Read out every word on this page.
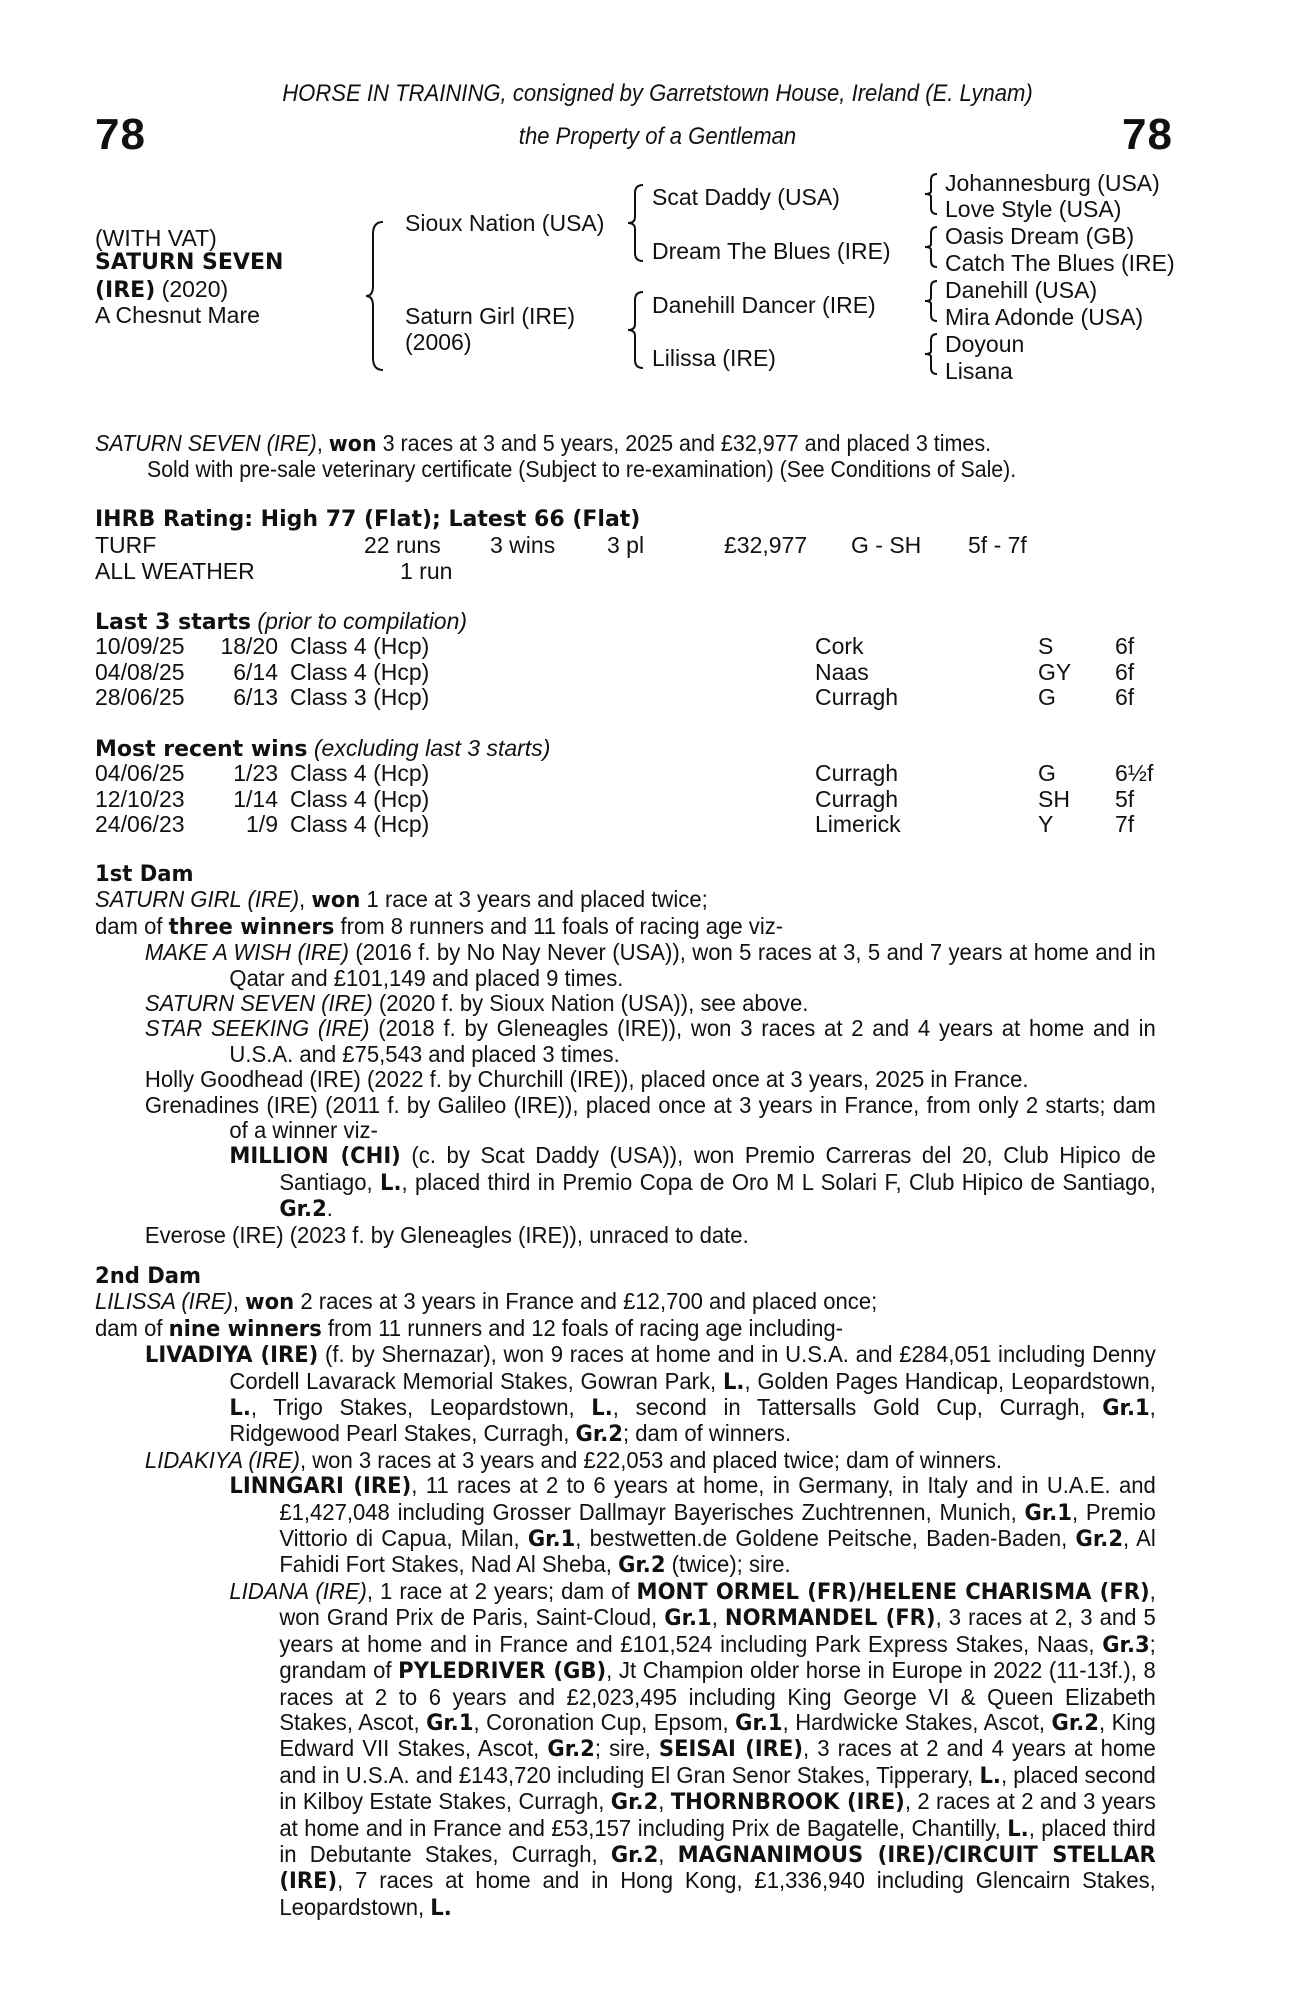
78	78
HORSE IN TRAINING, consigned by Garretstown House, Ireland (E. Lynam)
the Property of a Gentleman
(WITH VAT)
SATURN SEVEN
(IRE) (2020)
A Chesnut Mare
Sioux Nation (USA)
Saturn Girl (IRE)
(2006)
Scat Daddy (USA)
Dream The Blues (IRE)
Danehill Dancer (IRE)
Lilissa (IRE)
Johannesburg (USA)
Love Style (USA)
Oasis Dream (GB)
Catch The Blues (IRE)
Danehill (USA)
Mira Adonde (USA)
Doyoun
Lisana
SATURN SEVEN (IRE), won 3 races at 3 and 5 years, 2025 and £32,977 and placed 3 times.
Sold with pre-sale veterinary certificate (Subject to re-examination) (See Conditions of Sale).
IHRB Rating: High 77 (Flat); Latest 66 (Flat)
TURF	22 runs 3 wins 3 pl	£32,977 G - SH 5f - 7f
ALL WEATHER	1 run
Last 3 starts (prior to compilation)
10/09/25	18/20 Class 4 (Hcp)	Cork	S	6f
04/08/25	6/14 Class 4 (Hcp)	Naas	GY 6f
28/06/25	6/13 Class 3 (Hcp)	Curragh	G	6f
Most recent wins (excluding last 3 starts)
04/06/25	1/23 Class 4 (Hcp)	Curragh	G	6½f
12/10/23	1/14 Class 4 (Hcp)	Curragh	SH 5f
24/06/23	1/9 Class 4 (Hcp)	Limerick	Y	7f

1st Dam

SATURN GIRL (IRE), won 1 race at 3 years and placed twice;

dam of three winners from 8 runners and 11 foals of racing age viz-

MAKE A WISH (IRE) (2016 f. by No Nay Never (USA)), won 5 races at 3, 5 and 7 years at home and in Qatar and £101,149 and placed 9 times.

SATURN SEVEN (IRE) (2020 f. by Sioux Nation (USA)), see above.

STAR SEEKING (IRE) (2018 f. by Gleneagles (IRE)), won 3 races at 2 and 4 years at home and in U.S.A. and £75,543 and placed 3 times.

Holly Goodhead (IRE) (2022 f. by Churchill (IRE)), placed once at 3 years, 2025 in France.

Grenadines (IRE) (2011 f. by Galileo (IRE)), placed once at 3 years in France, from only 2 starts; dam of a winner viz-

MILLION (CHI) (c. by Scat Daddy (USA)), won Premio Carreras del 20, Club Hipico de Santiago, L., placed third in Premio Copa de Oro M L Solari F, Club Hipico de Santiago, Gr.2.

Everose (IRE) (2023 f. by Gleneagles (IRE)), unraced to date.

2nd Dam

LILISSA (IRE), won 2 races at 3 years in France and £12,700 and placed once;

dam of nine winners from 11 runners and 12 foals of racing age including-

LIVADIYA (IRE) (f. by Shernazar), won 9 races at home and in U.S.A. and £284,051 including Denny Cordell Lavarack Memorial Stakes, Gowran Park, L., Golden Pages Handicap, Leopardstown, L., Trigo Stakes, Leopardstown, L., second in Tattersalls Gold Cup, Curragh, Gr.1, Ridgewood Pearl Stakes, Curragh, Gr.2; dam of winners.

LIDAKIYA (IRE), won 3 races at 3 years and £22,053 and placed twice; dam of winners.

LINNGARI (IRE), 11 races at 2 to 6 years at home, in Germany, in Italy and in U.A.E. and £1,427,048 including Grosser Dallmayr Bayerisches Zuchtrennen, Munich, Gr.1, Premio Vittorio di Capua, Milan, Gr.1, bestwetten.de Goldene Peitsche, Baden-Baden, Gr.2, Al Fahidi Fort Stakes, Nad Al Sheba, Gr.2 (twice); sire.

LIDANA (IRE), 1 race at 2 years; dam of MONT ORMEL (FR)/HELENE CHARISMA (FR), won Grand Prix de Paris, Saint-Cloud, Gr.1, NORMANDEL (FR), 3 races at 2, 3 and 5 years at home and in France and £101,524 including Park Express Stakes, Naas, Gr.3; grandam of PYLEDRIVER (GB), Jt Champion older horse in Europe in 2022 (11-13f.), 8 races at 2 to 6 years and £2,023,495 including King George VI & Queen Elizabeth Stakes, Ascot, Gr.1, Coronation Cup, Epsom, Gr.1, Hardwicke Stakes, Ascot, Gr.2, King Edward VII Stakes, Ascot, Gr.2; sire, SEISAI (IRE), 3 races at 2 and 4 years at home and in U.S.A. and £143,720 including El Gran Senor Stakes, Tipperary, L., placed second in Kilboy Estate Stakes, Curragh, Gr.2, THORNBROOK (IRE), 2 races at 2 and 3 years at home and in France and £53,157 including Prix de Bagatelle, Chantilly, L., placed third in Debutante Stakes, Curragh, Gr.2, MAGNANIMOUS (IRE)/CIRCUIT STELLAR (IRE), 7 races at home and in Hong Kong, £1,336,940 including Glencairn Stakes, Leopardstown, L.
